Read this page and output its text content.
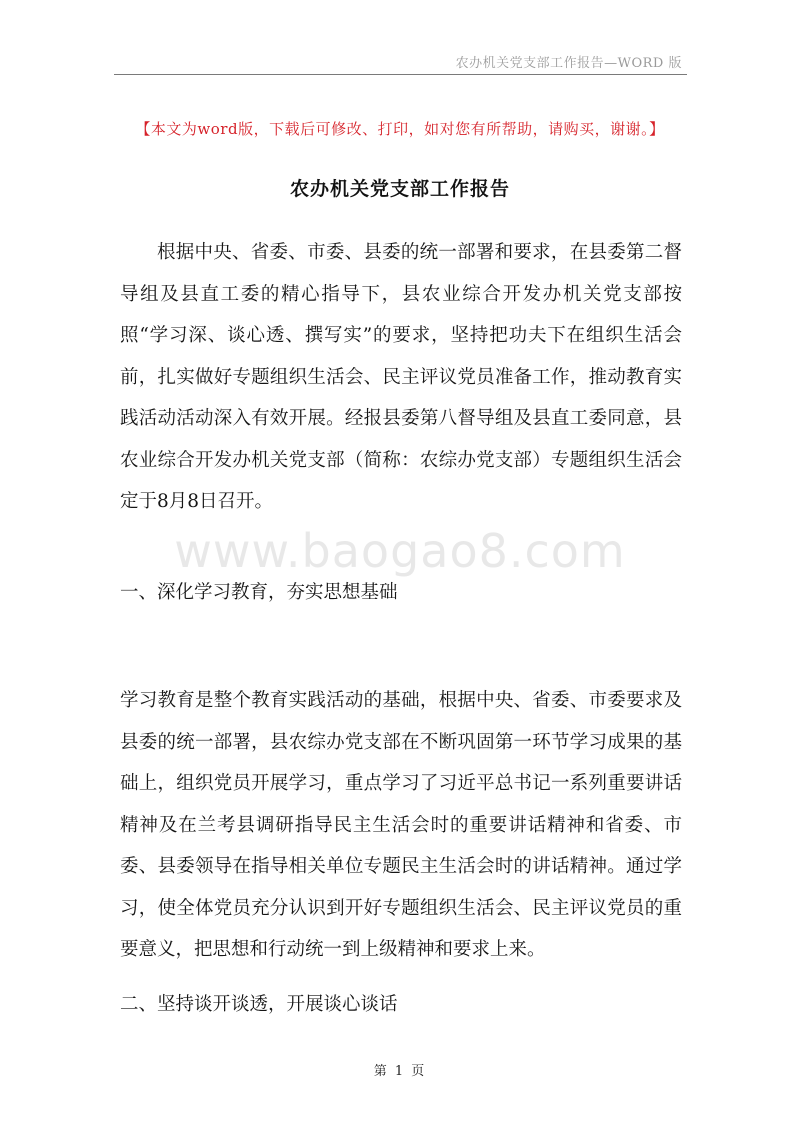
农办机关党支部工作报告—WORD 版
【本文为word版，下载后可修改、打印，如对您有所帮助，请购买，谢谢。】
农办机关党支部工作报告
根据中央、省委、市委、县委的统一部署和要求，在县委第二督导组及县直工委的精心指导下，县农业综合开发办机关党支部按照“学习深、谈心透、撰写实”的要求，坚持把功夫下在组织生活会前，扎实做好专题组织生活会、民主评议党员准备工作，推动教育实践活动活动深入有效开展。经报县委第八督导组及县直工委同意，县农业综合开发办机关党支部（简称：农综办党支部）专题组织生活会定于8月8日召开。
www.baogao8.com
一、深化学习教育，夯实思想基础
学习教育是整个教育实践活动的基础，根据中央、省委、市委要求及县委的统一部署，县农综办党支部在不断巩固第一环节学习成果的基础上，组织党员开展学习，重点学习了习近平总书记一系列重要讲话精神及在兰考县调研指导民主生活会时的重要讲话精神和省委、市委、县委领导在指导相关单位专题民主生活会时的讲话精神。通过学习，使全体党员充分认识到开好专题组织生活会、民主评议党员的重要意义，把思想和行动统一到上级精神和要求上来。
二、坚持谈开谈透，开展谈心谈话
第 1 页
